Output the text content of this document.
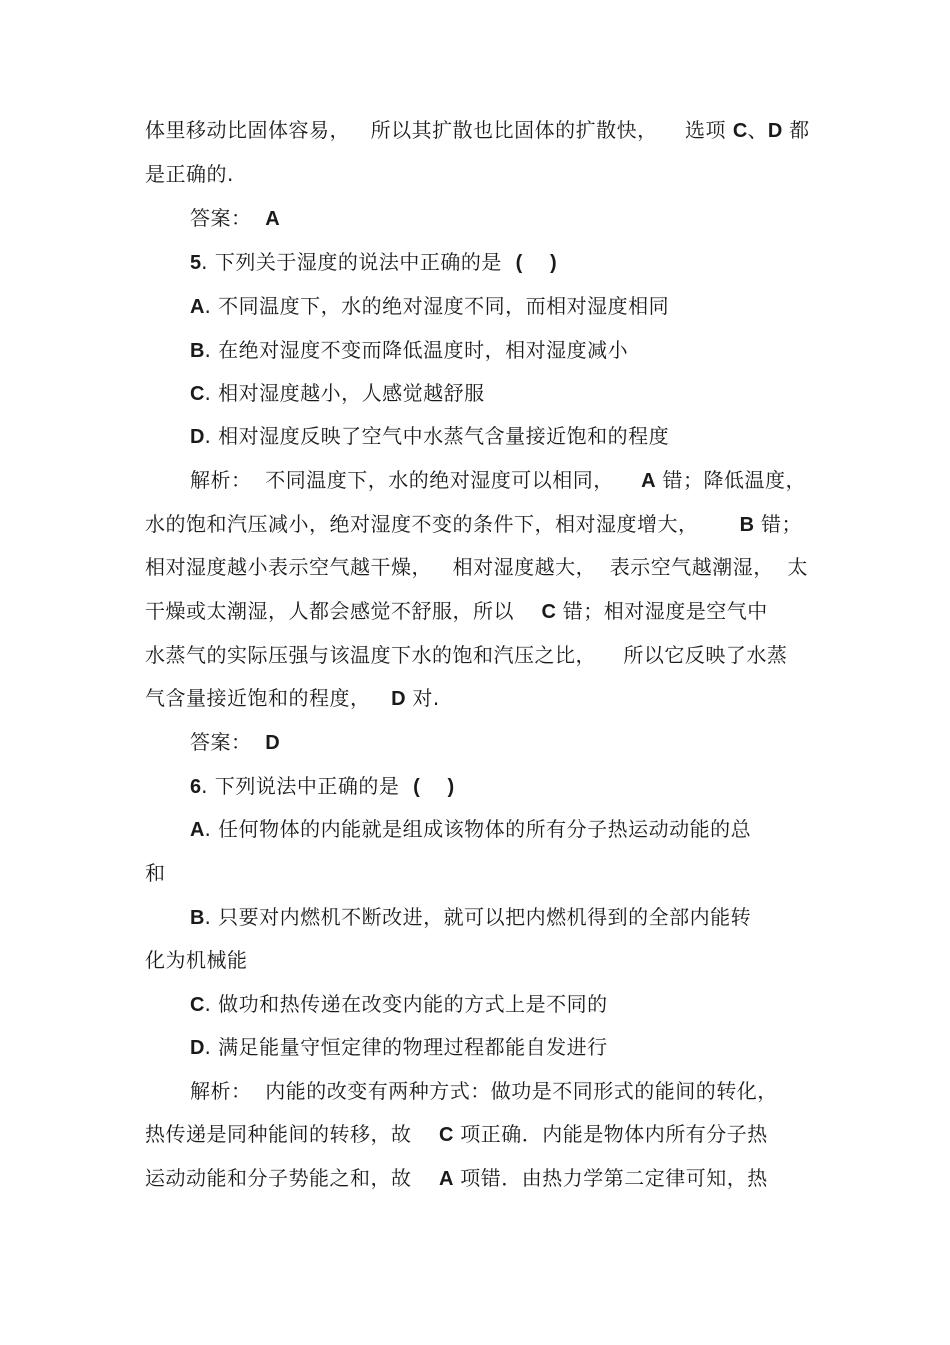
体里移动比固体容易，   所以其扩散也比固体的扩散快，    选项 C、D 都
是正确的.
答案：  A
5. 下列关于湿度的说法中正确的是  (     )
A. 不同温度下，水的绝对湿度不同，而相对湿度相同
B. 在绝对湿度不变而降低温度时，相对湿度减小
C. 相对湿度越小，人感觉越舒服
D. 相对湿度反映了空气中水蒸气含量接近饱和的程度
解析：  不同温度下，水的绝对湿度可以相同，    A 错；降低温度，
水的饱和汽压减小，绝对湿度不变的条件下，相对湿度增大，      B 错；
相对湿度越小表示空气越干燥，   相对湿度越大，  表示空气越潮湿，  太
干燥或太潮湿，人都会感觉不舒服，所以    C 错；相对湿度是空气中
水蒸气的实际压强与该温度下水的饱和汽压之比，    所以它反映了水蒸
气含量接近饱和的程度，   D 对.
答案：  D
6. 下列说法中正确的是  (     )
A. 任何物体的内能就是组成该物体的所有分子热运动动能的总
和
B. 只要对内燃机不断改进，就可以把内燃机得到的全部内能转
化为机械能
C. 做功和热传递在改变内能的方式上是不同的
D. 满足能量守恒定律的物理过程都能自发进行
解析：  内能的改变有两种方式：做功是不同形式的能间的转化，
热传递是同种能间的转移，故    C 项正确．内能是物体内所有分子热
运动动能和分子势能之和，故    A 项错．由热力学第二定律可知，热
